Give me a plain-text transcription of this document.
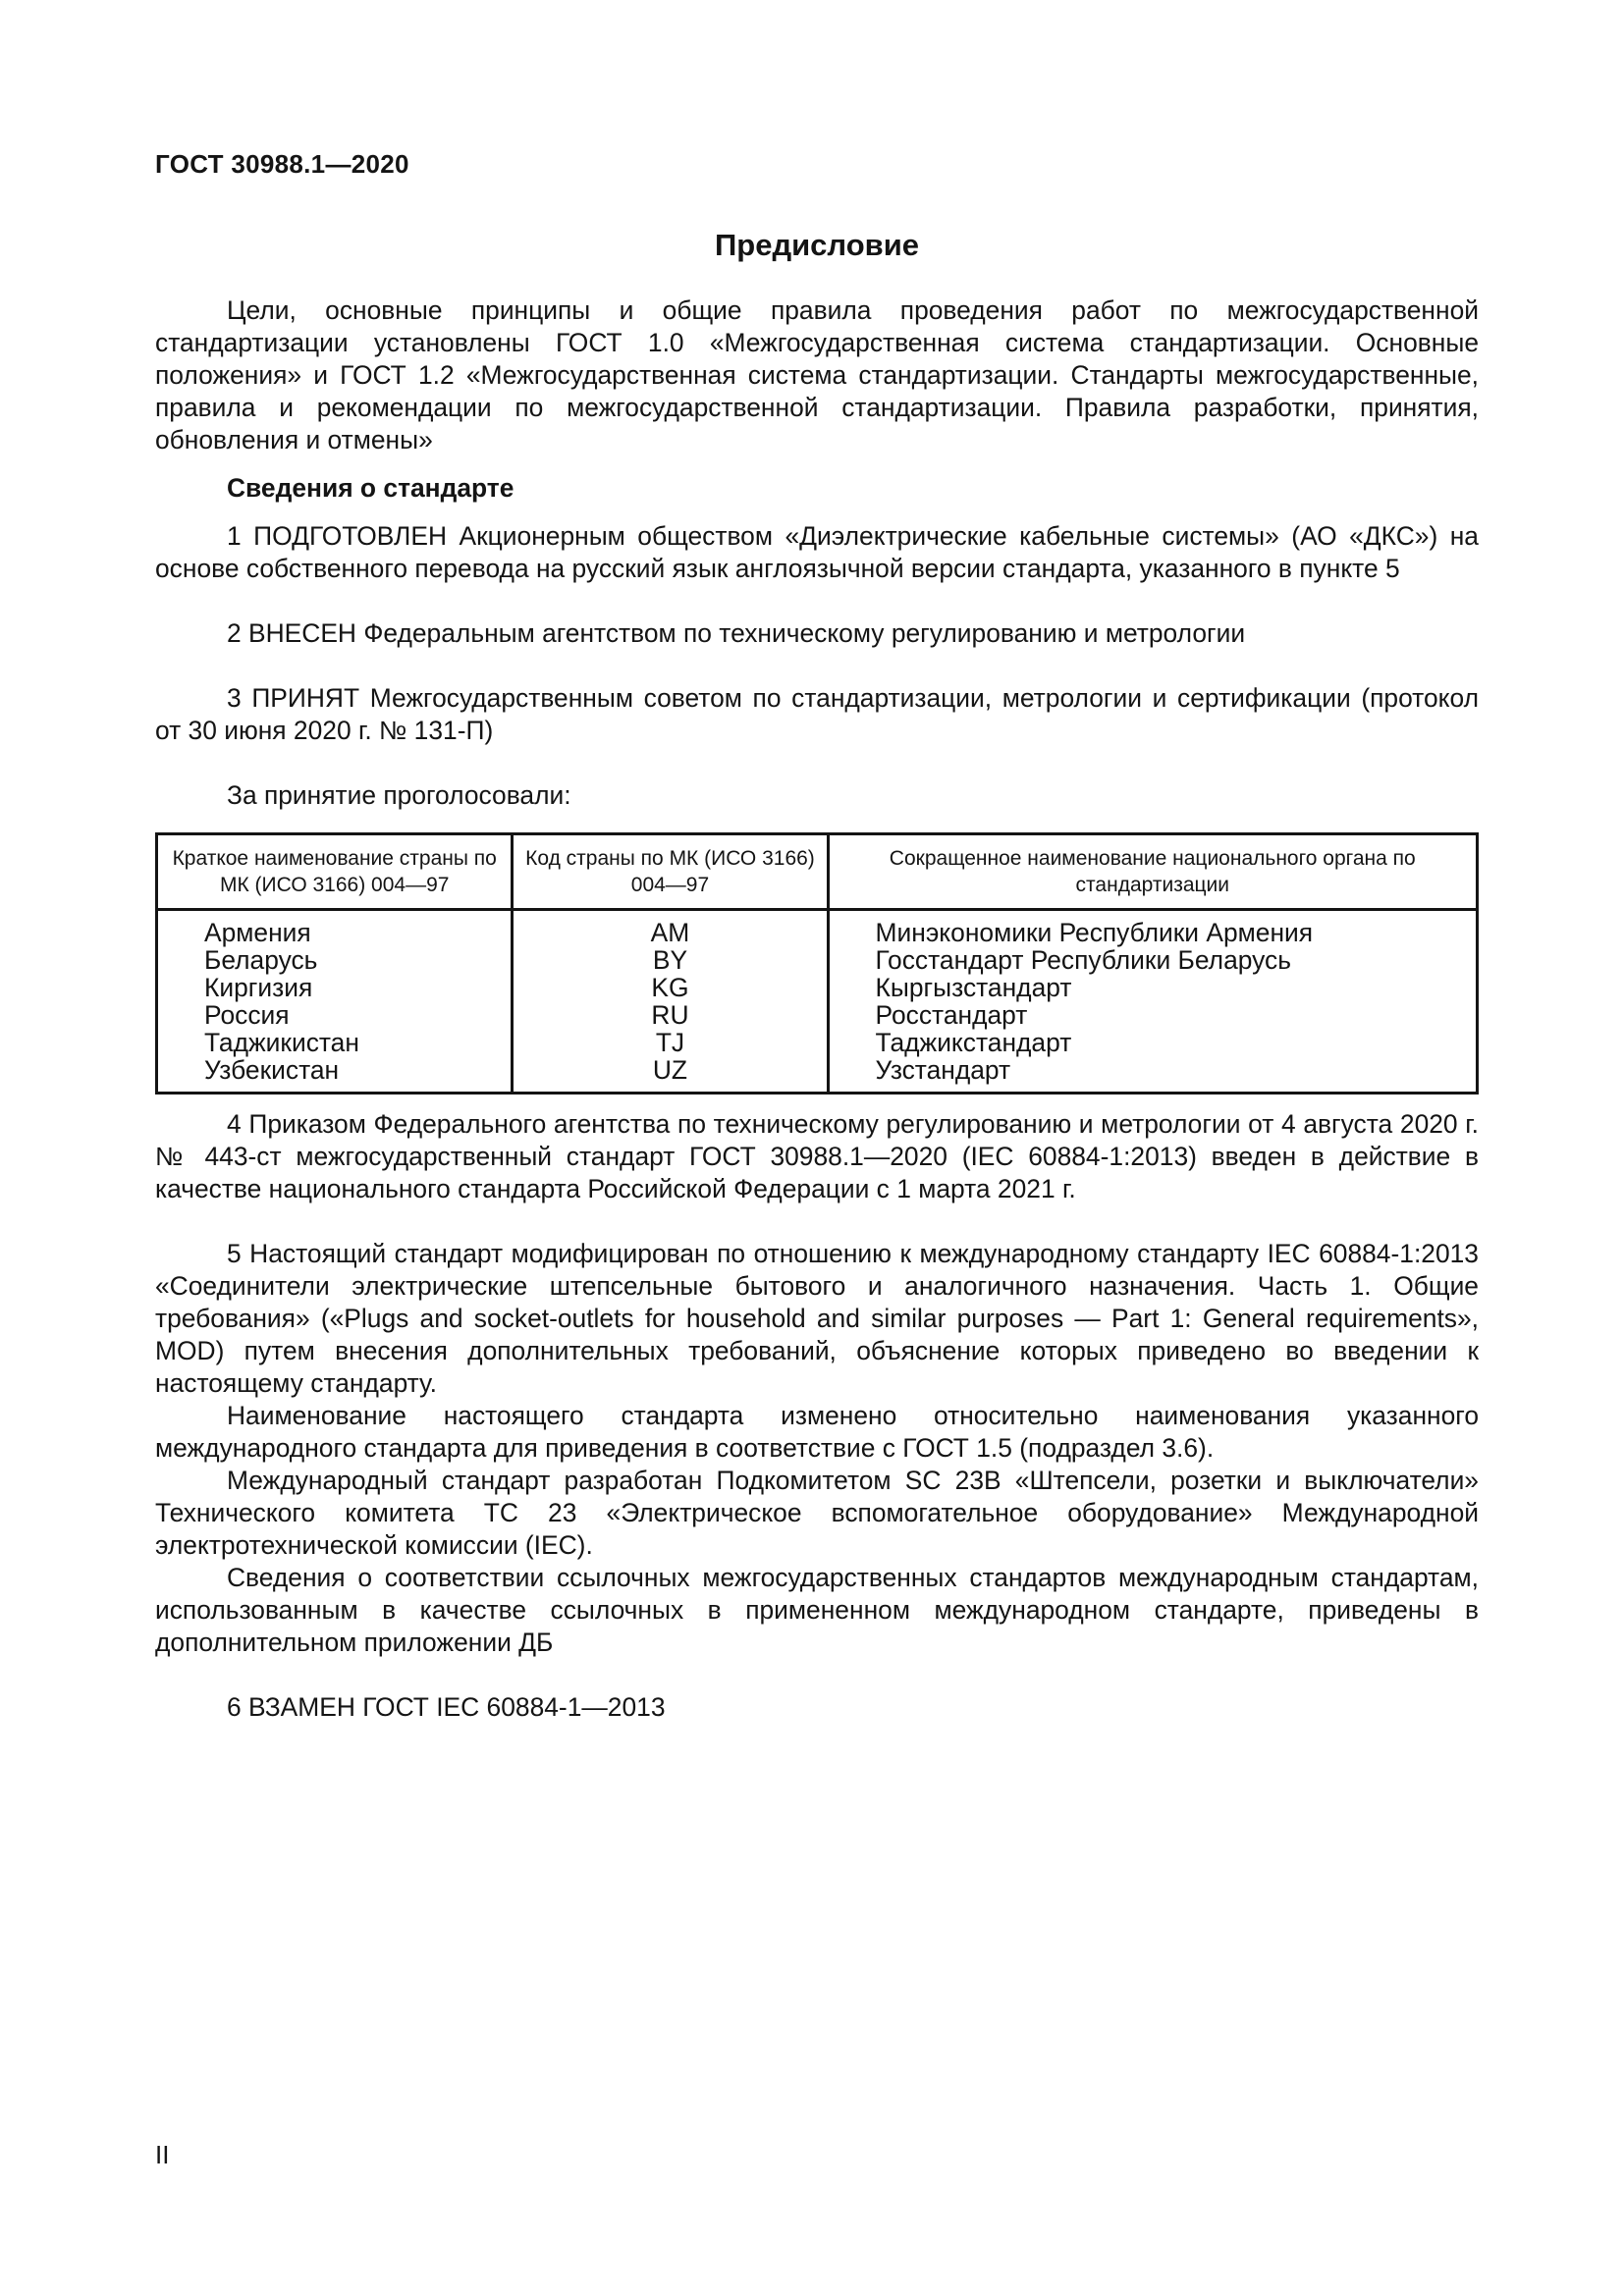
ГОСТ 30988.1—2020
Предисловие

Цели, основные принципы и общие правила проведения работ по межгосударственной стандартизации установлены ГОСТ 1.0 «Межгосударственная система стандартизации. Основные положения» и ГОСТ 1.2 «Межгосударственная система стандартизации. Стандарты межгосударственные, правила и рекомендации по межгосударственной стандартизации. Правила разработки, принятия, обновления и отмены»

Сведения о стандарте

1 ПОДГОТОВЛЕН Акционерным обществом «Диэлектрические кабельные системы» (АО «ДКС») на основе собственного перевода на русский язык англоязычной версии стандарта, указанного в пункте 5

2 ВНЕСЕН Федеральным агентством по техническому регулированию и метрологии

3 ПРИНЯТ Межгосударственным советом по стандартизации, метрологии и сертификации (протокол от 30 июня 2020 г. № 131-П)

За принятие проголосовали:

Краткое наименование страны по МК (ИСО 3166) 004—97	Код страны по МК (ИСО 3166) 004—97	Сокращенное наименование национального органа по стандартизации
Армения	AM	Минэкономики Республики Армения
Беларусь	BY	Госстандарт Республики Беларусь
Киргизия	KG	Кыргызстандарт
Россия	RU	Росстандарт
Таджикистан	TJ	Таджикстандарт
Узбекистан	UZ	Узстандарт

4 Приказом Федерального агентства по техническому регулированию и метрологии от 4 августа 2020 г. № 443-ст межгосударственный стандарт ГОСТ 30988.1—2020 (IEC 60884-1:2013) введен в действие в качестве национального стандарта Российской Федерации с 1 марта 2021 г.

5 Настоящий стандарт модифицирован по отношению к международному стандарту IEC 60884-1:2013 «Соединители электрические штепсельные бытового и аналогичного назначения. Часть 1. Общие требования» («Plugs and socket-outlets for household and similar purposes — Part 1: General requirements», MOD) путем внесения дополнительных требований, объяснение которых приведено во введении к настоящему стандарту.

Наименование настоящего стандарта изменено относительно наименования указанного международного стандарта для приведения в соответствие с ГОСТ 1.5 (подраздел 3.6).

Международный стандарт разработан Подкомитетом SC 23B «Штепсели, розетки и выключатели» Технического комитета TC 23 «Электрическое вспомогательное оборудование» Международной электротехнической комиссии (IEC).

Сведения о соответствии ссылочных межгосударственных стандартов международным стандартам, использованным в качестве ссылочных в примененном международном стандарте, приведены в дополнительном приложении ДБ

6 ВЗАМЕН ГОСТ IEC 60884-1—2013

II
